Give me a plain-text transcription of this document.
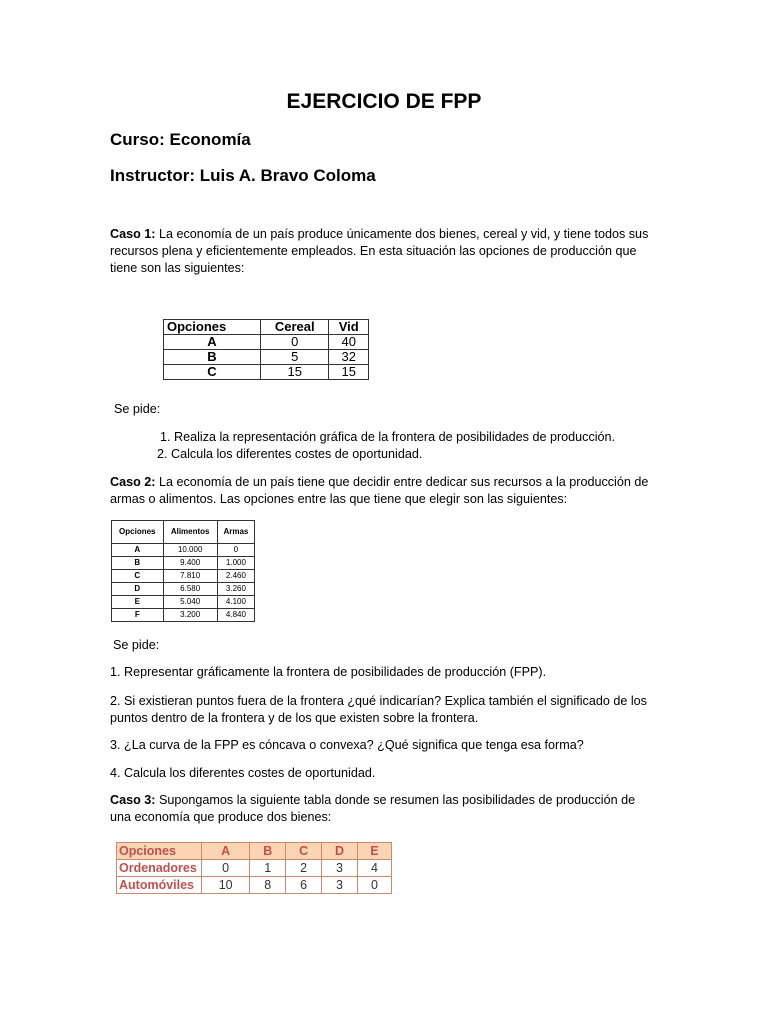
EJERCICIO DE FPP
Curso: Economía
Instructor: Luis A. Bravo Coloma
Caso 1: La economía de un país produce únicamente dos bienes, cereal y vid, y tiene todos sus recursos plena y eficientemente empleados. En esta situación las opciones de producción que tiene son las siguientes:
Opciones	Cereal	Vid
A	0	40
B	5	32
C	15	15
Se pide:
1. Realiza la representación gráfica de la frontera de posibilidades de producción.
2. Calcula los diferentes costes de oportunidad.
Caso 2: La economía de un país tiene que decidir entre dedicar sus recursos a la producción de armas o alimentos. Las opciones entre las que tiene que elegir son las siguientes:
Opciones	Alimentos	Armas
A	10.000	0
B	9.400	1.000
C	7.810	2.460
D	6.580	3.260
E	5.040	4.100
F	3.200	4.840
Se pide:
1. Representar gráficamente la frontera de posibilidades de producción (FPP).
2. Si existieran puntos fuera de la frontera ¿qué indicarían? Explica también el significado de los puntos dentro de la frontera y de los que existen sobre la frontera.
3. ¿La curva de la FPP es cóncava o convexa? ¿Qué significa que tenga esa forma?
4. Calcula los diferentes costes de oportunidad.
Caso 3: Supongamos la siguiente tabla donde se resumen las posibilidades de producción de una economía que produce dos bienes:
Opciones	A	B	C	D	E
Ordenadores	0	1	2	3	4
Automóviles	10	8	6	3	0
